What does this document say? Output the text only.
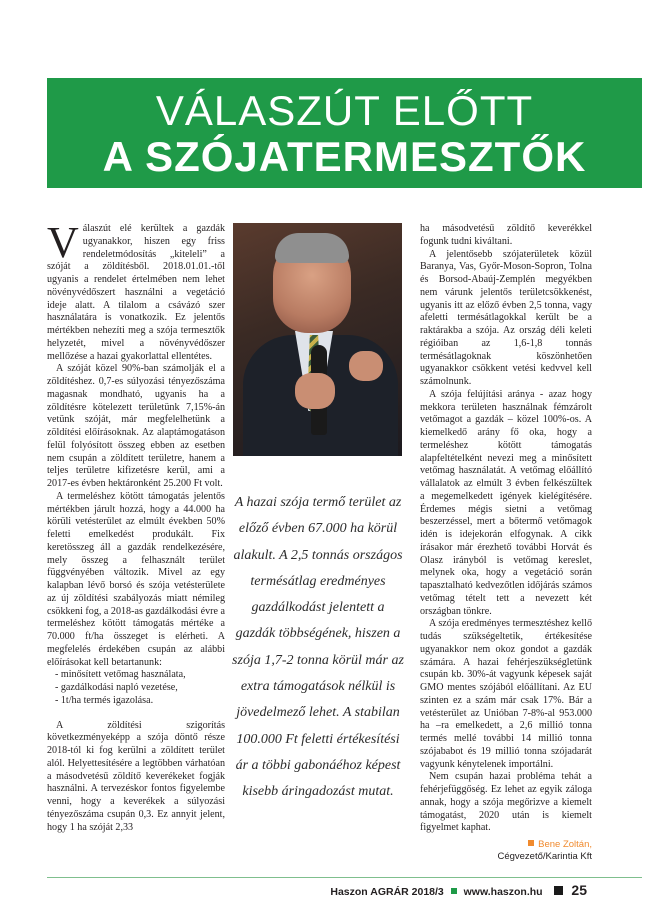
VÁLASZÚT ELŐTT
A SZÓJATERMESZTŐK

Válaszút elé kerültek a gazdák ugyanakkor, hiszen egy friss rendeletmódosítás „kiteleli” a szóját a zöldítésből. 2018.01.01.-től ugyanis a rendelet értelmében nem lehet növényvédőszert használni a vegetáció ideje alatt. A tilalom a csávázó szer használatára is vonatkozik. Ez jelentős mértékben nehezíti meg a szója termesztők helyzetét, mivel a növényvédőszer mellőzése a hazai gyakorlattal ellentétes.

A szóját közel 90%-ban számolják el a zöldítéshez. 0,7-es súlyozási tényezőszáma magasnak mondható, ugyanis ha a zöldítésre kötelezett területünk 7,15%-án vetünk szóját, már megfelelhetünk a zöldítési előírásoknak. Az alaptámogatáson felül folyósított összeg ebben az esetben nem csupán a zöldített területre, hanem a teljes területre kifizetésre kerül, ami a 2017-es évben hektáronként 25.200 Ft volt.

A termeléshez kötött támogatás jelentős mértékben járult hozzá, hogy a 44.000 ha körüli vetésterület az elmúlt években 50% feletti emelkedést produkált. Fix keretösszeg áll a gazdák rendelkezésére, mely összeg a felhasznált terület függvényében változik. Mivel az egy kalapban lévő borsó és szója vetésterülete az új zöldítési szabályozás miatt némileg csökkeni fog, a 2018-as gazdálkodási évre a termeléshez kötött támogatás mértéke a 70.000 ft/ha összeget is elérheti. A megfelelés érdekében csupán az alábbi előírásokat kell betartanunk:

- minősített vetőmag használata,
- gazdálkodási napló vezetése,
- 1t/ha termés igazolása.

A zöldítési szigorítás következményeképp a szója döntő része 2018-tól ki fog kerülni a zöldített terület alól. Helyettesítésére a legtöbben várhatóan a másodvetésű zöldítő keverékeket fogják használni. A tervezéskor fontos figyelembe venni, hogy a keverékek a súlyozási tényezőszáma csupán 0,3. Ez annyit jelent, hogy 1 ha szóját 2,33

A hazai szója termő terület az előző évben 67.000 ha körül alakult. A 2,5 tonnás országos termésátlag eredményes gazdálkodást jelentett a gazdák többségének, hiszen a szója 1,7-2 tonna körül már az extra támogatások nélkül is jövedelmező lehet. A stabilan 100.000 Ft feletti értékesítési ár a többi gabonáéhoz képest kisebb áringadozást mutat.

ha másodvetésű zöldítő keverékkel fogunk tudni kiváltani.

A jelentősebb szójaterületek közül Baranya, Vas, Győr-Moson-Sopron, Tolna és Borsod-Abaúj-Zemplén megyékben nem várunk jelentős területcsökkenést, ugyanis itt az előző évben 2,5 tonna, vagy afeletti termésátlagokkal került be a raktárakba a szója. Az ország déli keleti régióiban az 1,6-1,8 tonnás termésátlagoknak köszönhetően ugyanakkor csökkent vetési kedvvel kell számolnunk.

A szója felújítási aránya - azaz hogy mekkora területen használnak fémzárolt vetőmagot a gazdák – közel 100%-os. A kiemelkedő arány fő oka, hogy a termeléshez kötött támogatás alapfeltételként nevezi meg a minősített vetőmag használatát. A vetőmag előállító vállalatok az elmúlt 3 évben felkészültek a megemelkedett igények kielégítésére. Érdemes mégis sietni a vetőmag beszerzéssel, mert a bőtermő vetőmagok idén is idejekorán elfogynak. A cikk írásakor már érezhető további Horvát és Olasz irányból is vetőmag kereslet, melynek oka, hogy a vegetáció során tapasztalható kedvezőtlen időjárás számos vetőmag tételt tett a nevezett két országban tönkre.

A szója eredményes termesztéshez kellő tudás szükségeltetik, értékesítése ugyanakkor nem okoz gondot a gazdák számára. A hazai fehérjeszükségletünk csupán kb. 30%-át vagyunk képesek saját GMO mentes szójából előállítani. Az EU szinten ez a szám már csak 17%. Bár a vetésterület az Unióban 7-8%-al 953.000 ha –ra emelkedett, a 2,6 millió tonna termés mellé további 14 millió tonna szójababot és 19 millió tonna szójadarát vagyunk kénytelenek importálni.

Nem csupán hazai probléma tehát a fehérjefüggőség. Ez lehet az egyik záloga annak, hogy a szója megőrizve a kiemelt támogatást, 2020 után is kiemelt figyelmet kaphat.

Bene Zoltán,
Cégvezető/Karintia Kft
Haszon AGRÁR 2018/3 www.haszon.hu 25
